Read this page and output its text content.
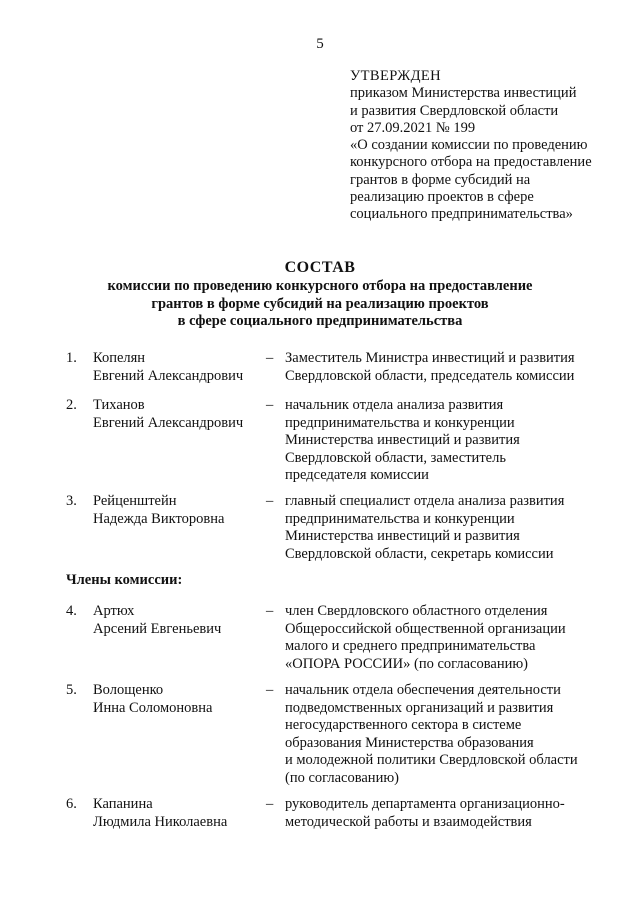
5
УТВЕРЖДЕН
приказом Министерства инвестиций
и развития Свердловской области
от 27.09.2021 № 199
«О создании комиссии по проведению
конкурсного отбора на предоставление
грантов в форме субсидий на
реализацию проектов в сфере
социального предпринимательства»
СОСТАВ
комиссии по проведению конкурсного отбора на предоставление
грантов в форме субсидий на реализацию проектов
в сфере социального предпринимательства
1.	Копелян
Евгений Александрович
– Заместитель Министра инвестиций и развития
Свердловской области, председатель комиссии
2.	Тиханов
Евгений Александрович
– начальник отдела анализа развития
предпринимательства и конкуренции
Министерства инвестиций и развития
Свердловской области, заместитель
председателя комиссии
3.	Рейценштейн
Надежда Викторовна
– главный специалист отдела анализа развития
предпринимательства и конкуренции
Министерства инвестиций и развития
Свердловской области, секретарь комиссии
Члены комиссии:
4.	Артюх
Арсений Евгеньевич
– член Свердловского областного отделения
Общероссийской общественной организации
малого и среднего предпринимательства
«ОПОРА РОССИИ» (по согласованию)
5.	Волощенко
Инна Соломоновна
– начальник отдела обеспечения деятельности
подведомственных организаций и развития
негосударственного сектора в системе
образования Министерства образования
и молодежной политики Свердловской области
(по согласованию)
6.	Капанина
Людмила Николаевна
– руководитель департамента организационно-
методической работы и взаимодействия
